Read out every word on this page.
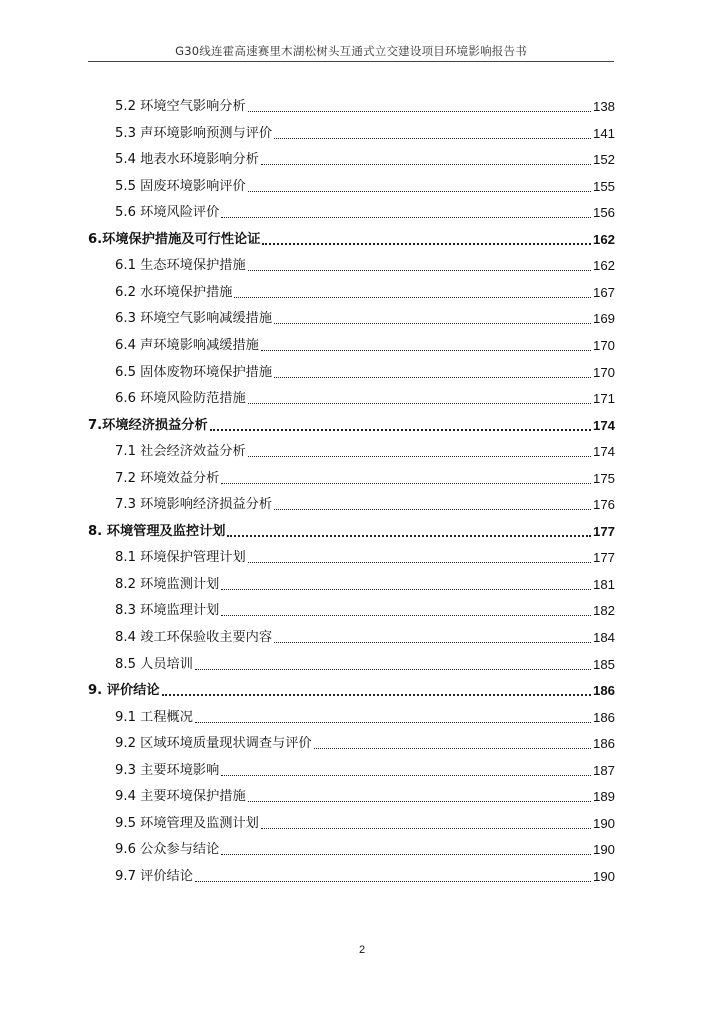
G30线连霍高速赛里木湖松树头互通式立交建设项目环境影响报告书
5.2 环境空气影响分析	138
5.3 声环境影响预测与评价	141
5.4 地表水环境影响分析	152
5.5 固废环境影响评价	155
5.6 环境风险评价	156
6.环境保护措施及可行性论证	162
6.1 生态环境保护措施	162
6.2 水环境保护措施	167
6.3 环境空气影响减缓措施	169
6.4 声环境影响减缓措施	170
6.5 固体废物环境保护措施	170
6.6 环境风险防范措施	171
7.环境经济损益分析	174
7.1 社会经济效益分析	174
7.2 环境效益分析	175
7.3 环境影响经济损益分析	176
8. 环境管理及监控计划	177
8.1 环境保护管理计划	177
8.2 环境监测计划	181
8.3 环境监理计划	182
8.4 竣工环保验收主要内容	184
8.5 人员培训	185
9. 评价结论	186
9.1 工程概况	186
9.2 区域环境质量现状调查与评价	186
9.3 主要环境影响	187
9.4 主要环境保护措施	189
9.5 环境管理及监测计划	190
9.6 公众参与结论	190
9.7 评价结论	190
2
